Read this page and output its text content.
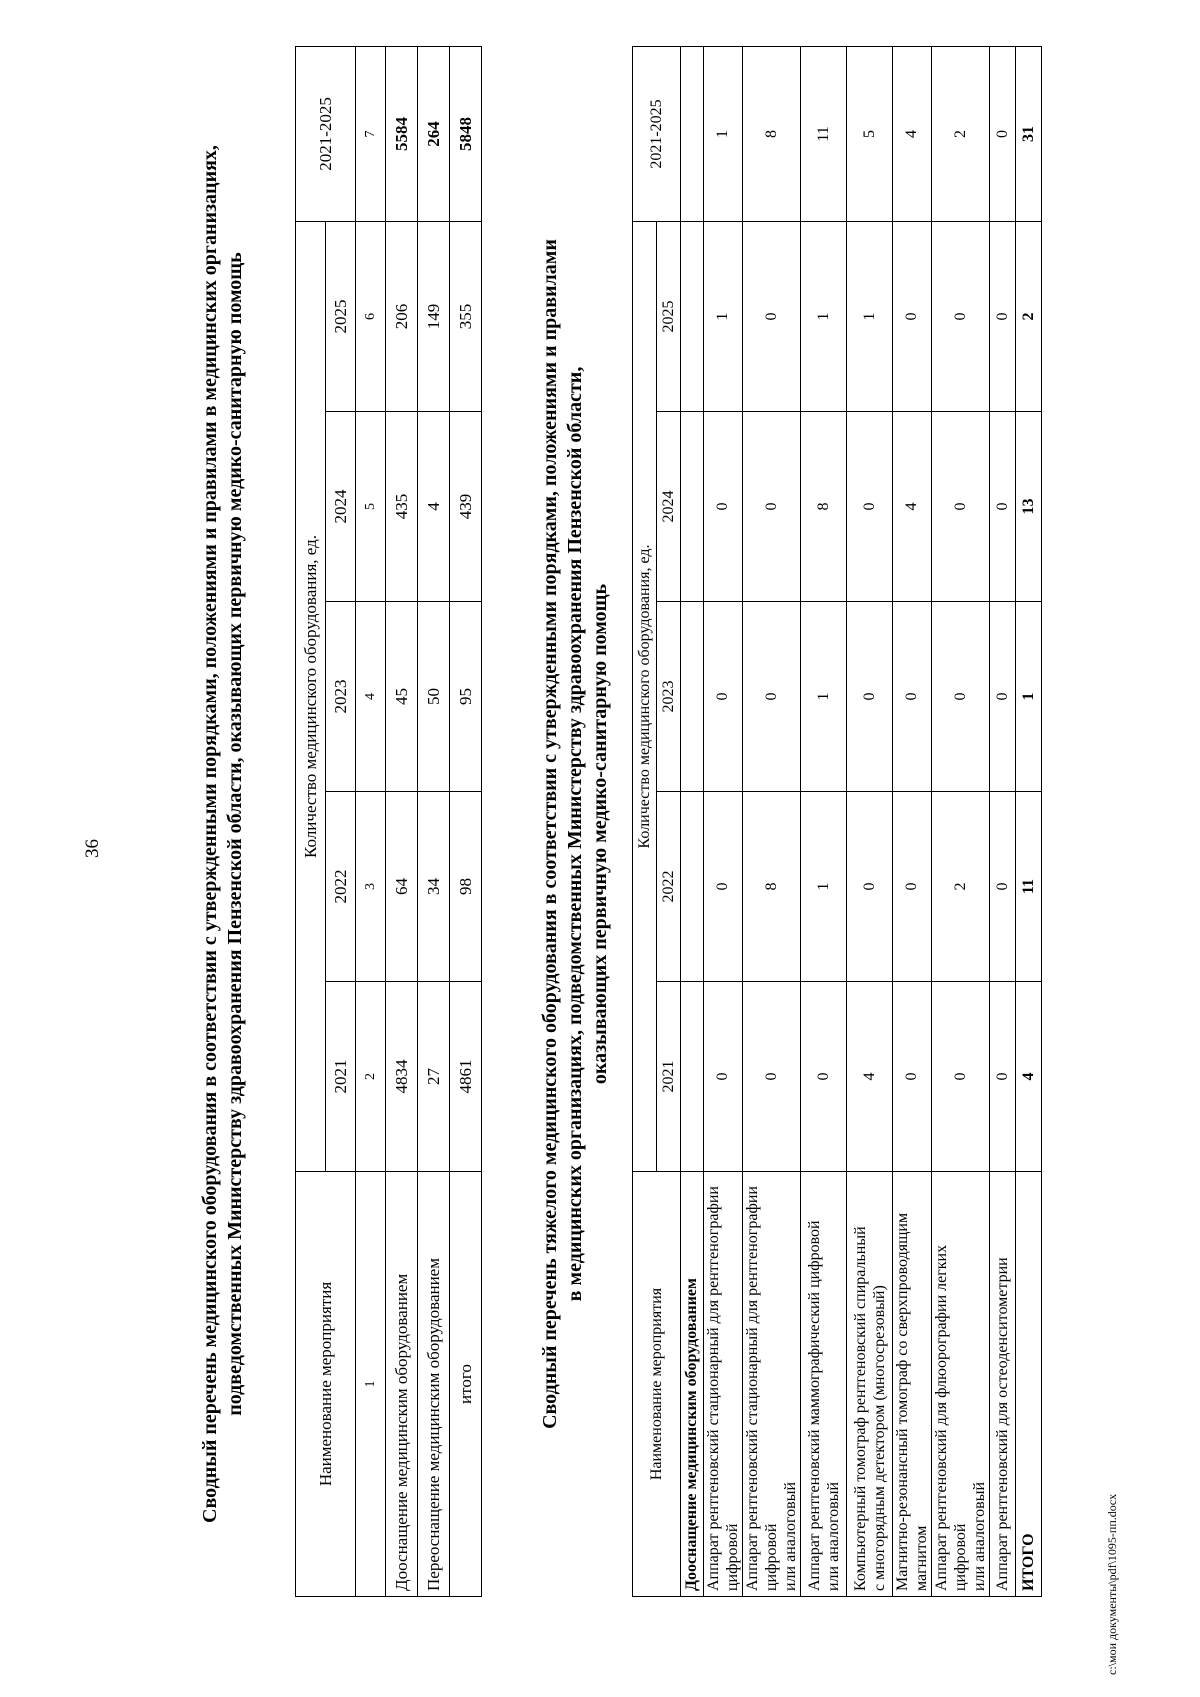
36	Сводный перечень медицинского оборудования в соответствии с утвержденными порядками, положениями и правилами в медицинских организациях, подведомственных Министерству здравоохранения Пензенской области, оказывающих первичную медико-санитарную помощь	Наименование мероприятия	Количество медицинского оборудования, ед.					2021-2025
	2021	2022	2023	2024	2025	
1	2	3	4	5	6	7
Дооснащение медицинским оборудованием	4834	64	45	435	206	5584
Переоснащение медицинским оборудованием	27	34	50	4	149	264
итого	4861	98	95	439	355	5848
Сводный перечень тяжелого медицинского оборудования в соответствии с утвержденными порядками, положениями и правилами в медицинских организациях, подведомственных Министерству здравоохранения Пензенской области, оказывающих первичную медико-санитарную помощь
Наименование мероприятия	Количество медицинского оборудования, ед.					2021-2025
	2021	2022	2023	2024	2025	
Дооснащение медицинским оборудованием						

Аппарат рентгеновский стационарный для рентгенографии цифровой	0	0	0	0	1	1

Аппарат рентгеновский стационарный для рентгенографии цифровой или аналоговый	0	8	0	0	0	8

Аппарат рентгеновский маммографический цифровой или аналоговый	0	1	1	8	1	11

Компьютерный томограф рентгеновский спиральный с многорядным детектором (многосрезовый)	4	0	0	0	1	5

Магнитно-резонансный томограф со сверхпроводящим магнитом	0	0	0	4	0	4

Аппарат рентгеновский для флюорографии легких цифровой или аналоговый	0	2	0	0	0	2

Аппарат рентгеновский для остеоденситометрии	0	0	0	0	0	0
ИТОГО	4	11	1	13	2	31
c:\мои документы\pdf\1095-пп.docx
